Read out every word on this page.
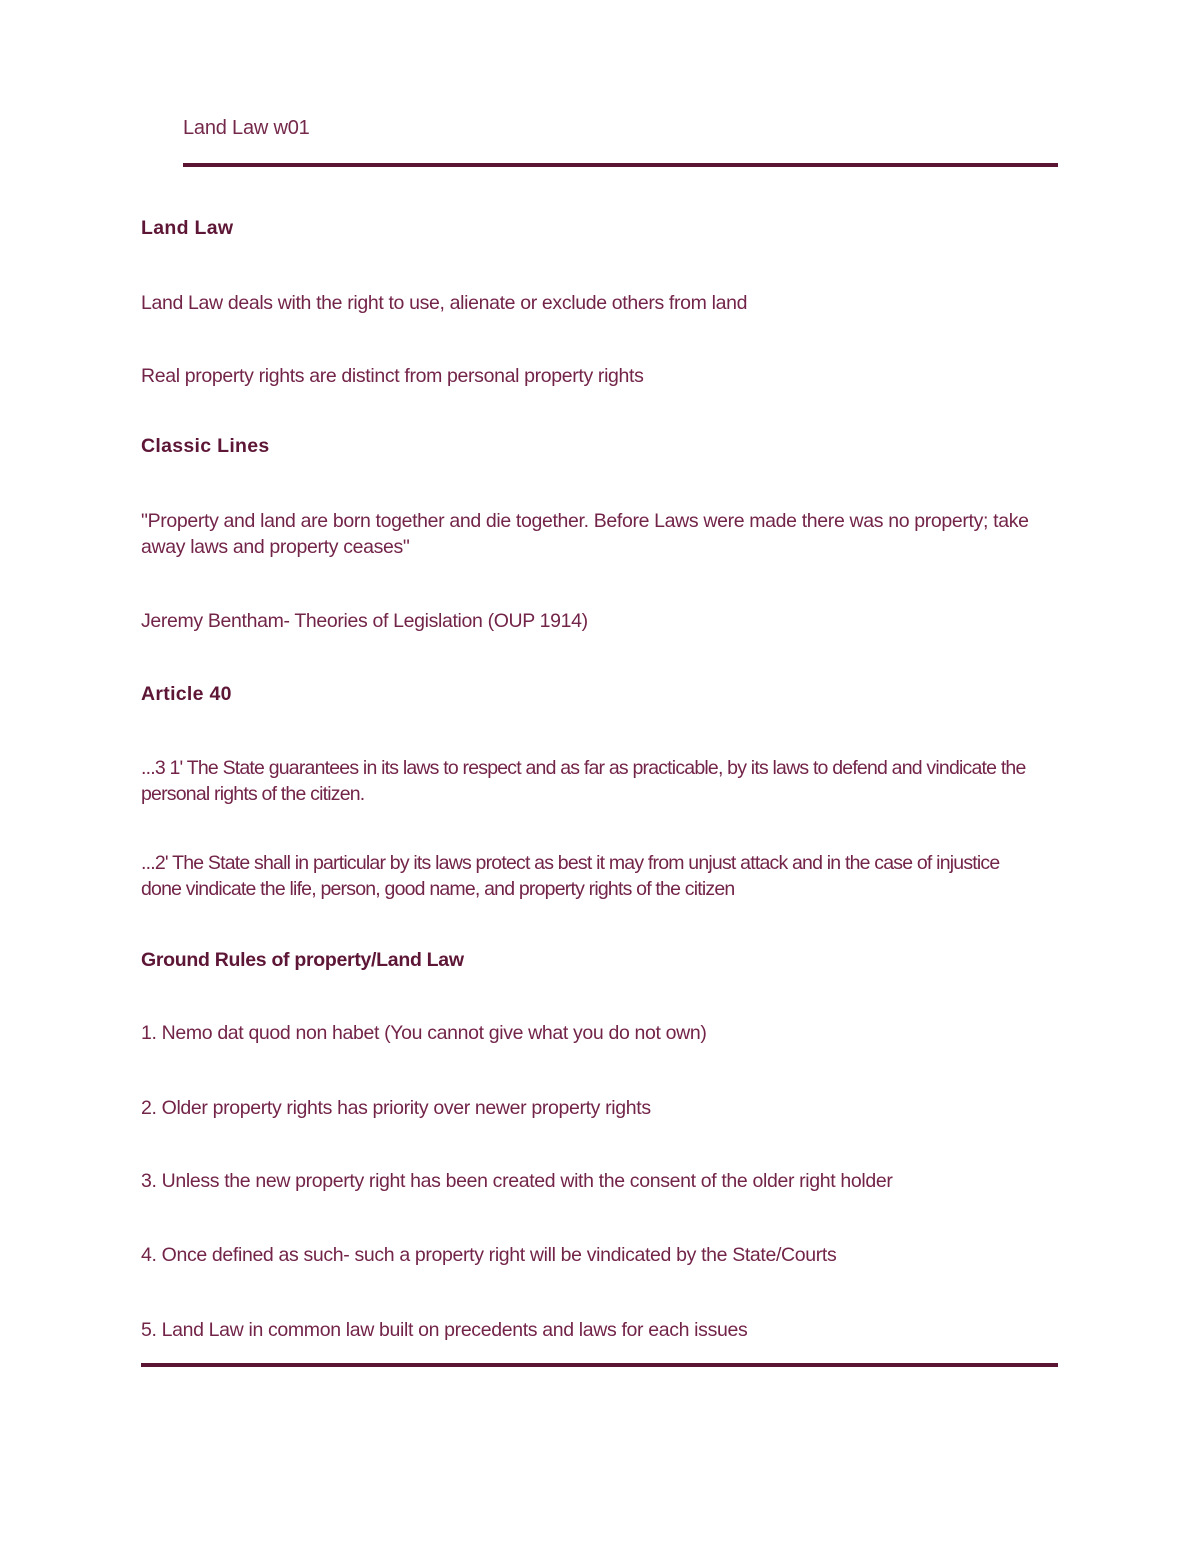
Land Law w01
Land Law
Land Law deals with the right to use, alienate or exclude others from land
Real property rights are distinct from personal property rights
Classic Lines
"Property and land are born together and die together. Before Laws were made there was no property; take away laws and property ceases"
Jeremy Bentham- Theories of Legislation (OUP 1914)
Article 40
...3 1' The State guarantees in its laws to respect and as far as practicable, by its laws to defend and vindicate the personal rights of the citizen.
...2' The State shall in particular by its laws protect as best it may from unjust attack and in the case of injustice done vindicate the life, person, good name, and property rights of the citizen
Ground Rules of property/Land Law
1. Nemo dat quod non habet (You cannot give what you do not own)
2. Older property rights has priority over newer property rights
3. Unless the new property right has been created with the consent of the older right holder
4. Once defined as such- such a property right will be vindicated by the State/Courts
5. Land Law in common law built on precedents and laws for each issues
